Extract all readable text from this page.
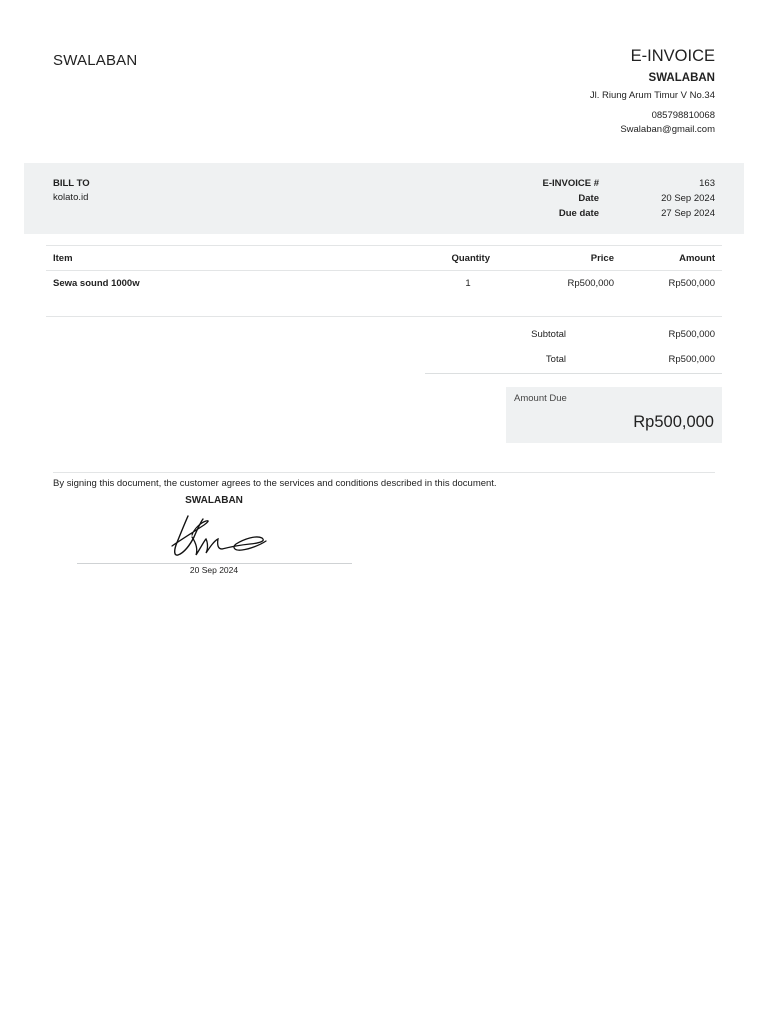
SWALABAN	E-INVOICE
SWALABAN
Jl. Riung Arum Timur V No.34
085798810068
Swalaban@gmail.com
BILL TO
kolato.id
E-INVOICE #	163
Date	20 Sep 2024
Due date	27 Sep 2024
Item	Quantity	Price	Amount
Sewa sound 1000w	1	Rp500,000	Rp500,000
Subtotal	Rp500,000
Total	Rp500,000
Amount Due
Rp500,000
By signing this document, the customer agrees to the services and conditions described in this document.
SWALABAN
20 Sep 2024
